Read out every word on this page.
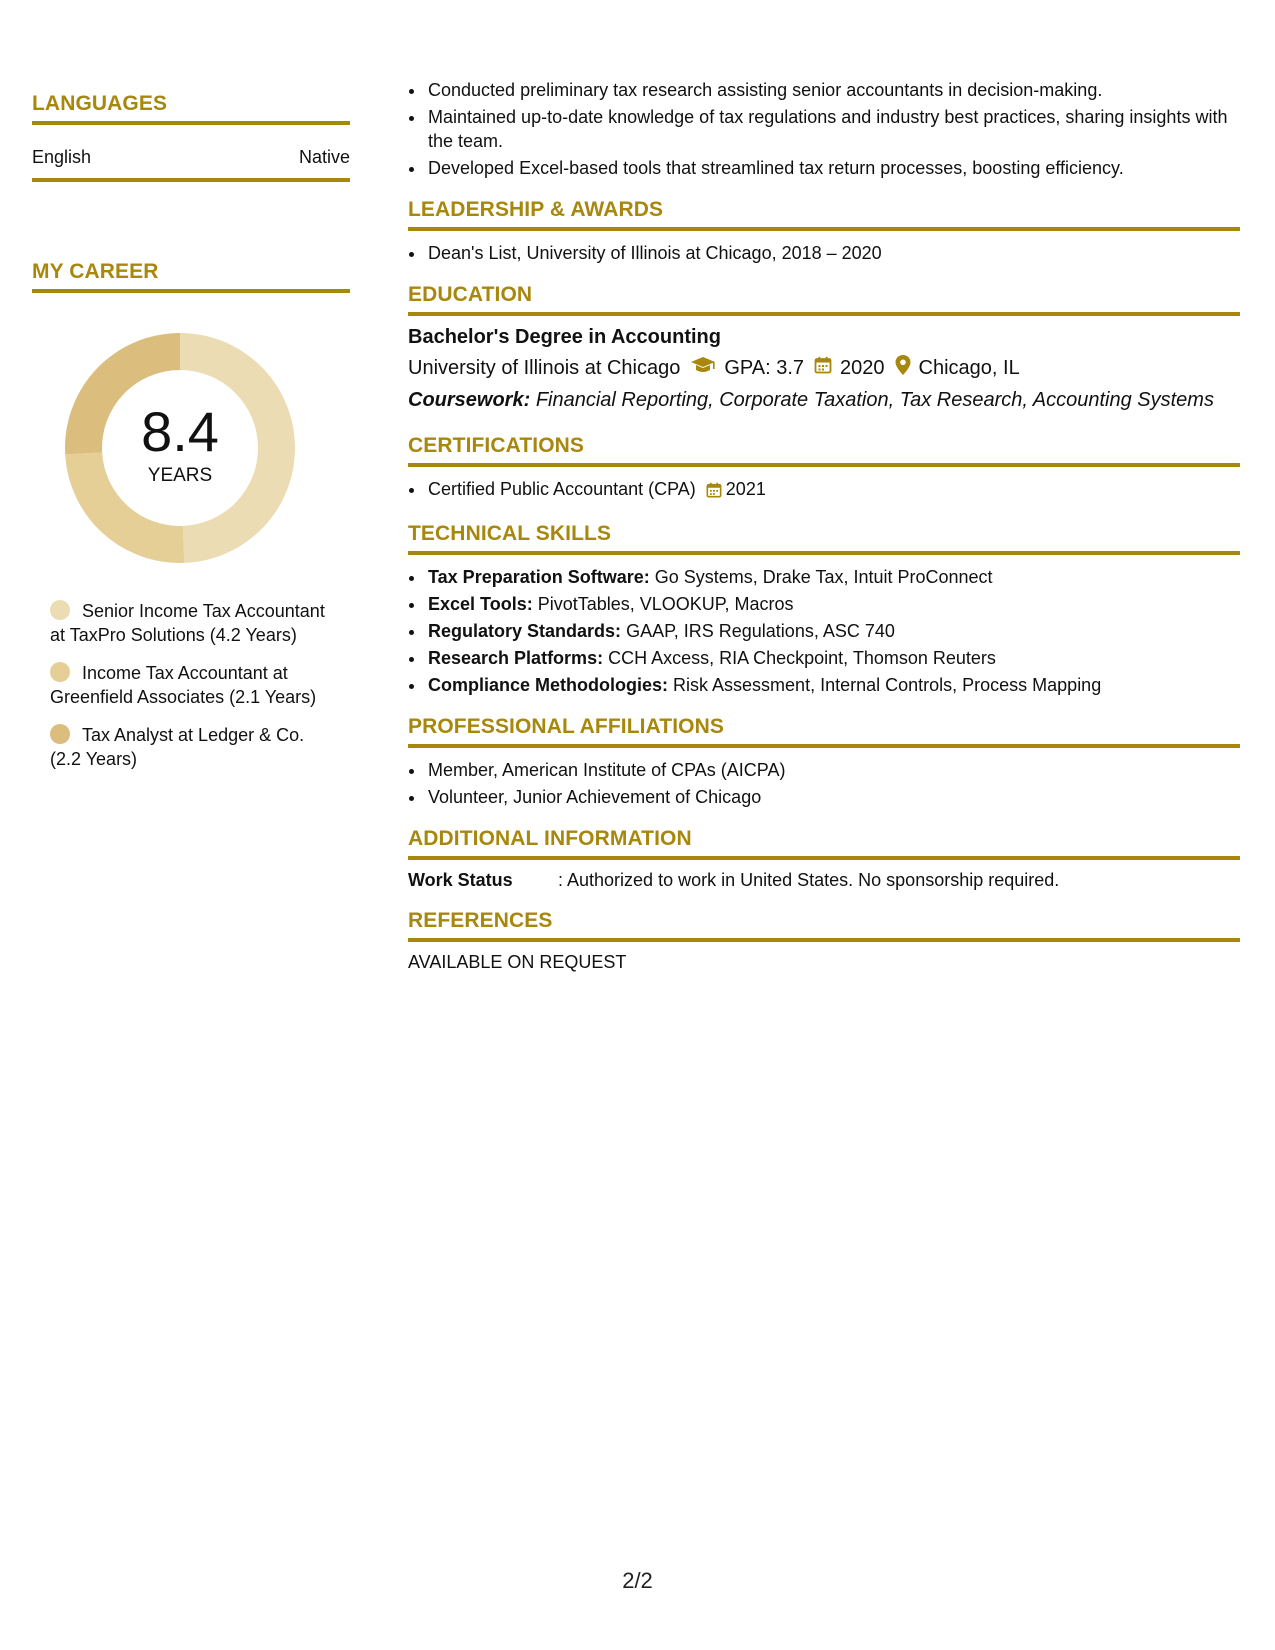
LANGUAGES
English	Native
MY CAREER
8.4
YEARS
Senior Income Tax Accountant at TaxPro Solutions (4.2 Years)
Income Tax Accountant at Greenfield Associates (2.1 Years)
Tax Analyst at Ledger & Co. (2.2 Years)
• Conducted preliminary tax research assisting senior accountants in decision-making.
• Maintained up-to-date knowledge of tax regulations and industry best practices, sharing insights with the team.
• Developed Excel-based tools that streamlined tax return processes, boosting efficiency.
LEADERSHIP & AWARDS
• Dean's List, University of Illinois at Chicago, 2018 – 2020
EDUCATION
Bachelor's Degree in Accounting
University of Illinois at Chicago GPA: 3.7 2020 Chicago, IL
Coursework: Financial Reporting, Corporate Taxation, Tax Research, Accounting Systems
CERTIFICATIONS
• Certified Public Accountant (CPA) 2021
TECHNICAL SKILLS
• Tax Preparation Software: Go Systems, Drake Tax, Intuit ProConnect
• Excel Tools: PivotTables, VLOOKUP, Macros
• Regulatory Standards: GAAP, IRS Regulations, ASC 740
• Research Platforms: CCH Axcess, RIA Checkpoint, Thomson Reuters
• Compliance Methodologies: Risk Assessment, Internal Controls, Process Mapping
PROFESSIONAL AFFILIATIONS
• Member, American Institute of CPAs (AICPA)
• Volunteer, Junior Achievement of Chicago
ADDITIONAL INFORMATION
Work Status	: Authorized to work in United States. No sponsorship required.
REFERENCES
AVAILABLE ON REQUEST
2/2
